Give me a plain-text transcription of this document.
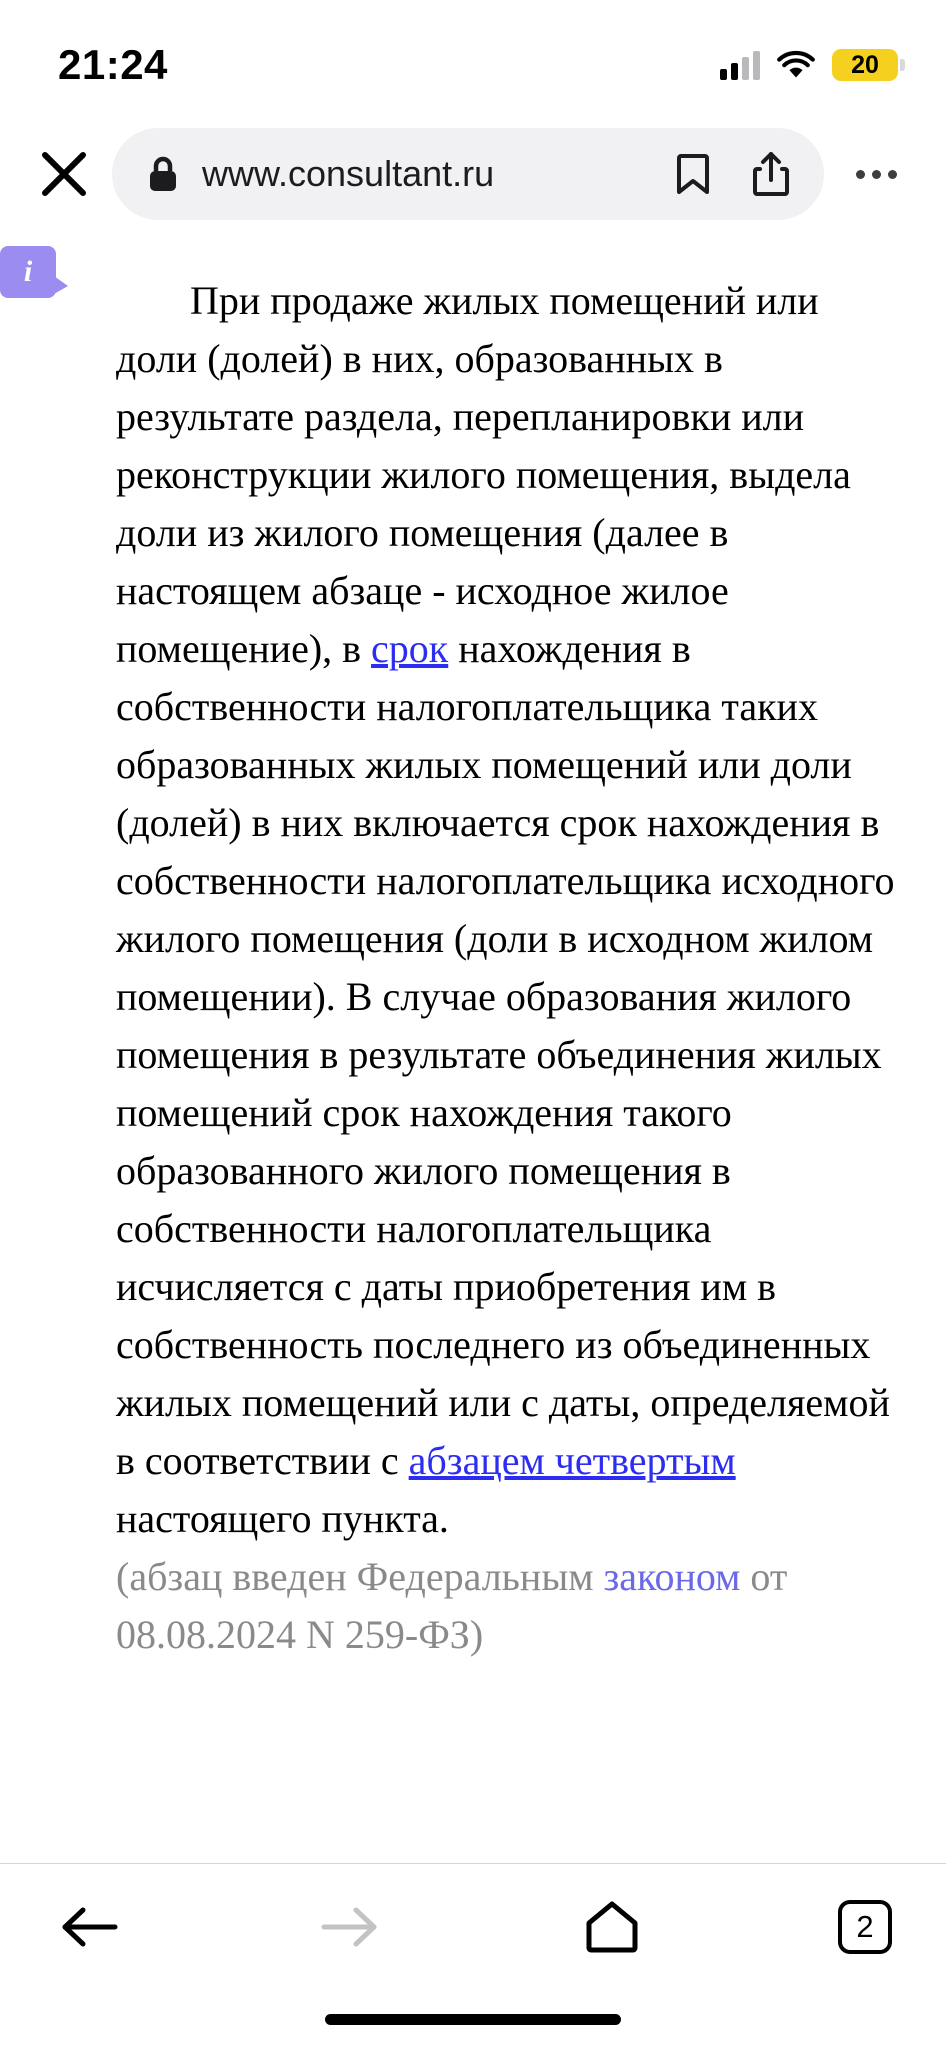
21:24	20
www.consultant.ru
i

При продаже жилых помещений или доли (долей) в них, образованных в результате раздела, перепланировки или реконструкции жилого помещения, выдела доли из жилого помещения (далее в настоящем абзаце - исходное жилое помещение), в срок нахождения в собственности налогоплательщика таких образованных жилых помещений или доли (долей) в них включается срок нахождения в собственности налогоплательщика исходного жилого помещения (доли в исходном жилом помещении). В случае образования жилого помещения в результате объединения жилых помещений срок нахождения такого образованного жилого помещения в собственности налогоплательщика исчисляется с даты приобретения им в собственность последнего из объединенных жилых помещений или с даты, определяемой в соответствии с абзацем четвертым настоящего пункта.

(абзац введен Федеральным законом от 08.08.2024 N 259-ФЗ)

2
